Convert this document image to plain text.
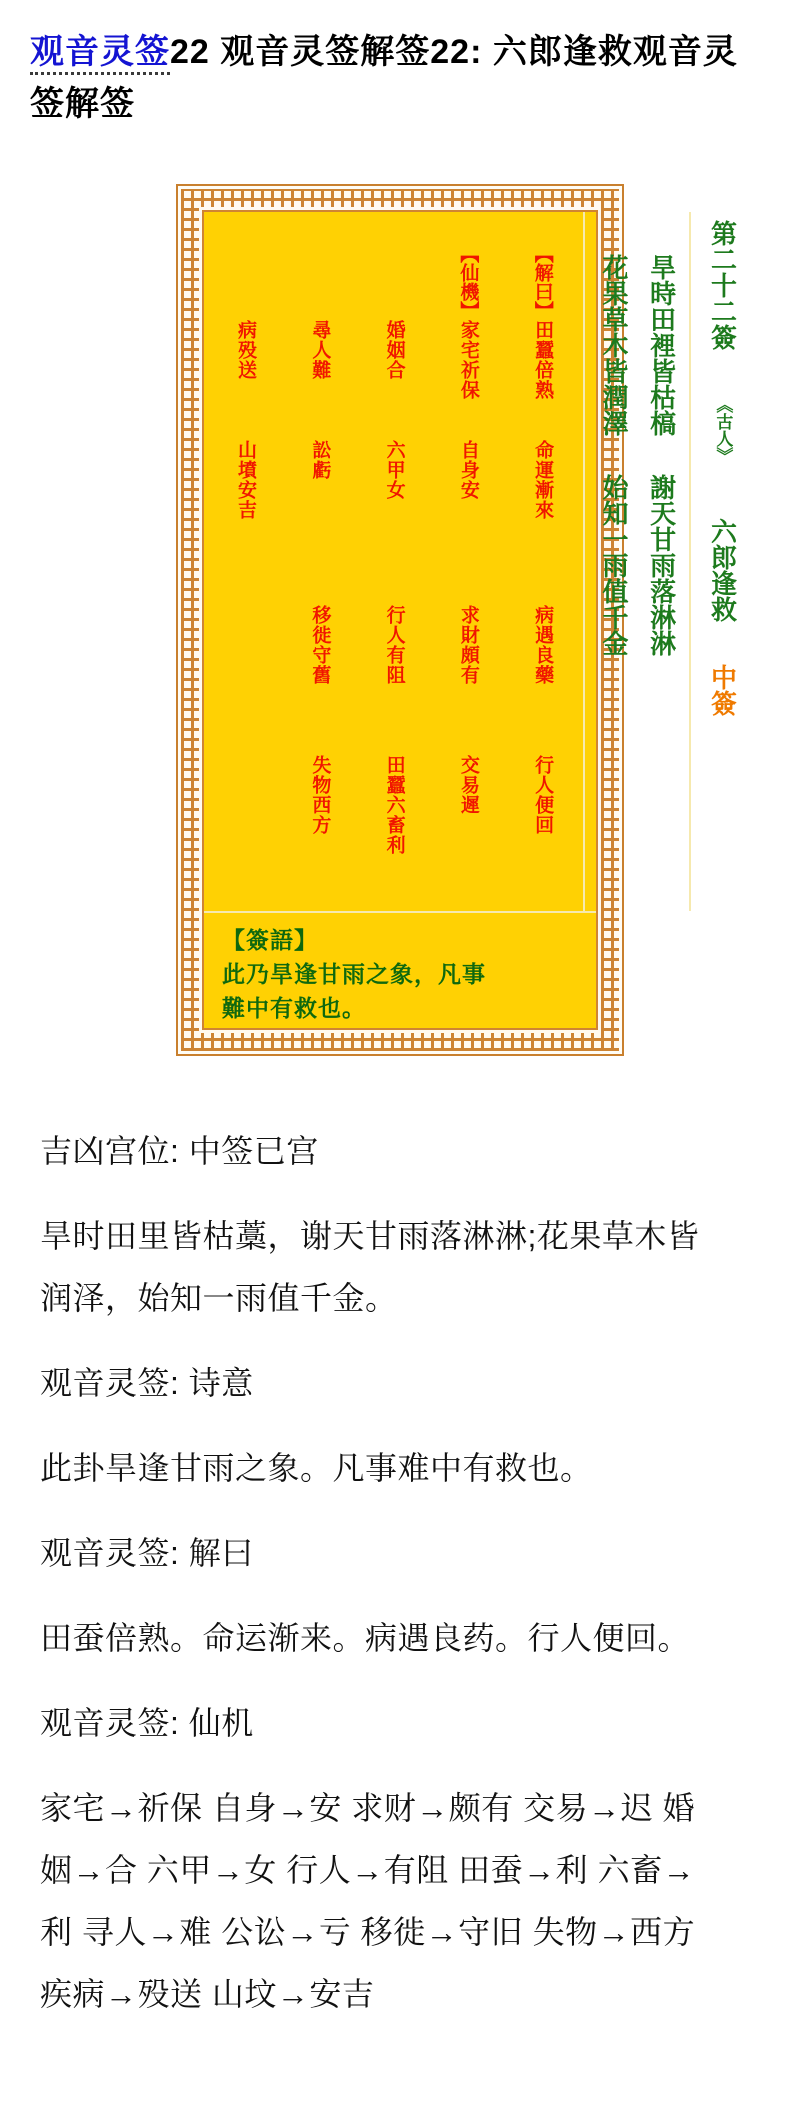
观音灵签22 观音灵签解签22: 六郎逢救观音灵
签解签
【仙機】	【解曰】
病殁送	尋人難	婚姻合	家宅祈保	田蠶倍熟
山墳安吉	訟虧	六甲女	自身安	命運漸來
移徙守舊	行人有阻	求財頗有	病遇良藥
失物西方	田蠶六畜利	交易遲	行人便回
旱時田裡皆枯槁
謝天甘雨落淋淋
花果草木皆潤澤
始知一雨值千金
第二十二簽
《古人》
六郎逢救
中簽
【簽語】
此乃旱逢甘雨之象，凡事
難中有救也。

吉凶宫位: 中签已宫

旱时田里皆枯藁，谢天甘雨落淋淋;花果草木皆
润泽，始知一雨值千金。

观音灵签: 诗意

此卦旱逢甘雨之象。凡事难中有救也。

观音灵签: 解曰

田蚕倍熟。命运渐来。病遇良药。行人便回。

观音灵签: 仙机

家宅→祈保 自身→安 求财→颇有 交易→迟 婚
姻→合 六甲→女 行人→有阻 田蚕→利 六畜→
利 寻人→难 公讼→亏 移徙→守旧 失物→西方
疾病→殁送 山坟→安吉
